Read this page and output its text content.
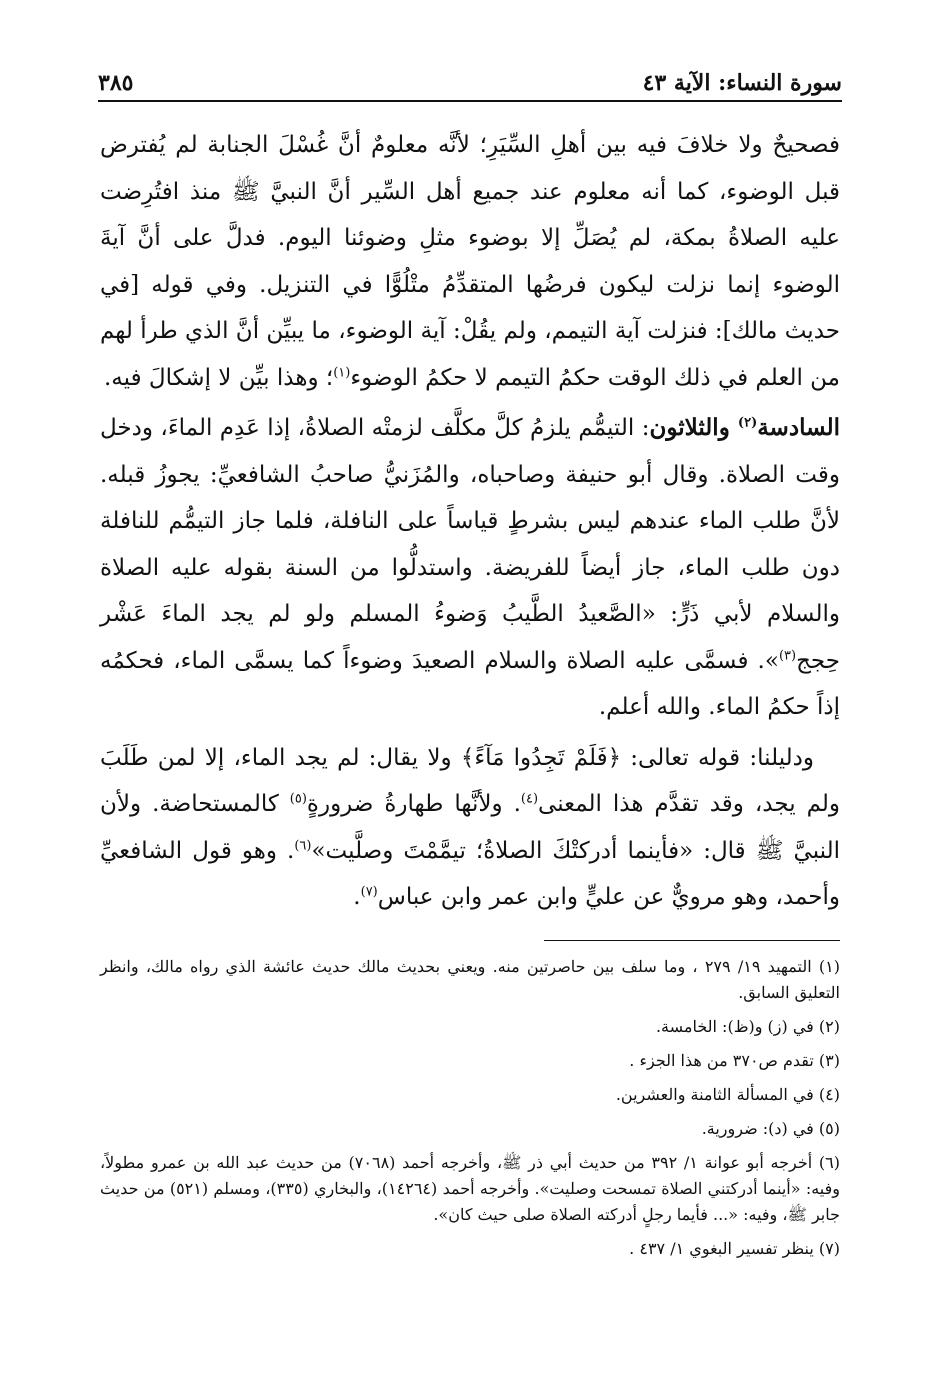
سورة النساء: الآية ٤٣
٣٨٥

فصحيحٌ ولا خلافَ فيه بين أهلِ السِّيَرِ؛ لأنَّه معلومٌ أنَّ غُسْلَ الجنابة لم يُفترض قبل الوضوء، كما أنه معلوم عند جميع أهل السِّير أنَّ النبيَّ ﷺ منذ افتُرِضت عليه الصلاةُ بمكة، لم يُصَلِّ إلا بوضوء مثلِ وضوئنا اليوم. فدلَّ على أنَّ آيةَ الوضوء إنما نزلت ليكون فرضُها المتقدِّمُ متْلُوًّا في التنزيل. وفي قوله [في حديث مالك]: فنزلت آية التيمم، ولم يقُلْ: آية الوضوء، ما يبيِّن أنَّ الذي طرأ لهم من العلم في ذلك الوقت حكمُ التيمم لا حكمُ الوضوء$^{(١)}$؛ وهذا بيِّن لا إشكالَ فيه.

السادسة$^{(٢)}$ والثلاثون: التيمُّم يلزمُ كلَّ مكلَّف لزمتْه الصلاةُ، إذا عَدِم الماءَ، ودخل وقت الصلاة. وقال أبو حنيفة وصاحباه، والمُزَنيُّ صاحبُ الشافعيِّ: يجوزُ قبله. لأنَّ طلب الماء عندهم ليس بشرطٍ قياساً على النافلة، فلما جاز التيمُّم للنافلة دون طلب الماء، جاز أيضاً للفريضة. واستدلُّوا من السنة بقوله عليه الصلاة والسلام لأبي ذَرٍّ: «الصَّعيدُ الطَّيبُ وَضوءُ المسلم ولو لم يجد الماءَ عَشْر حِجج$^{(٣)}$». فسمَّى عليه الصلاة والسلام الصعيدَ وضوءاً كما يسمَّى الماء، فحكمُه إذاً حكمُ الماء. والله أعلم.

ودليلنا: قوله تعالى: ﴿فَلَمْ تَجِدُوا مَآءً﴾ ولا يقال: لم يجد الماء، إلا لمن طَلَبَ ولم يجد، وقد تقدَّم هذا المعنى$^{(٤)}$. ولأنَّها طهارةُ ضرورةٍ$^{(٥)}$ كالمستحاضة. ولأن النبيَّ ﷺ قال: «فأينما أدركتْكَ الصلاةُ؛ تيمَّمْتَ وصلَّيت»$^{(٦)}$. وهو قول الشافعيِّ وأحمد، وهو مرويٌّ عن عليٍّ وابن عمر وابن عباس$^{(٧)}$.

(١) التمهيد ١٩/ ٢٧٩ ، وما سلف بين حاصرتين منه. ويعني بحديث مالك حديث عائشة الذي رواه مالك، وانظر التعليق السابق.

(٢) في (ز) و(ظ): الخامسة.

(٣) تقدم ص٣٧٠ من هذا الجزء .

(٤) في المسألة الثامنة والعشرين.

(٥) في (د): ضرورية.

(٦) أخرجه أبو عوانة ١/ ٣٩٢ من حديث أبي ذر ﷺ، وأخرجه أحمد (٧٠٦٨) من حديث عبد الله بن عمرو مطولاً، وفيه: «أينما أدركتني الصلاة تمسحت وصليت». وأخرجه أحمد (١٤٢٦٤)، والبخاري (٣٣٥)، ومسلم (٥٢١) من حديث جابر ﷺ، وفيه: «... فأيما رجلٍ أدركته الصلاة صلى حيث كان».

(٧) ينظر تفسير البغوي ١/ ٤٣٧ .
